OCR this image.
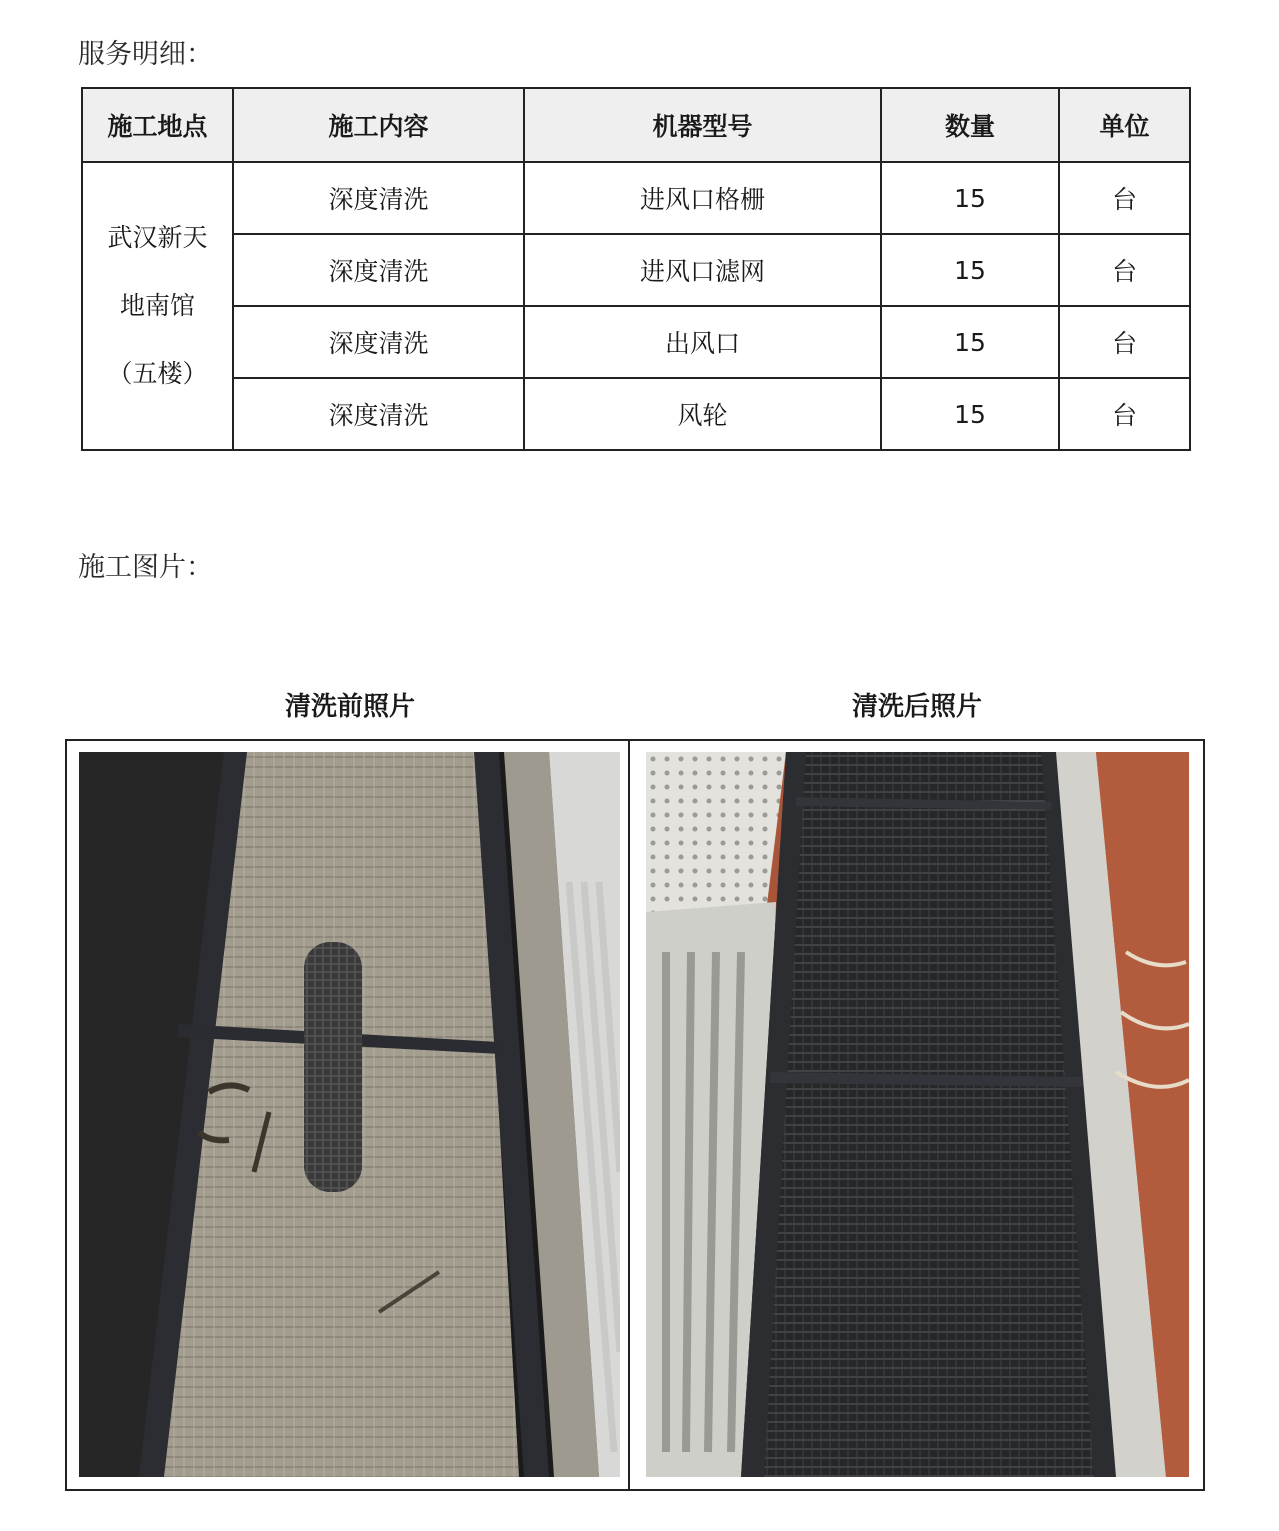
服务明细：
施工地点	施工内容	机器型号	数量	单位

武汉新天
地南馆
（五楼）	深度清洗	进风口格栅	15	台
	深度清洗	进风口滤网	15	台
	深度清洗	出风口	15	台
	深度清洗	风轮	15	台
施工图片：
清洗前照片	清洗后照片
